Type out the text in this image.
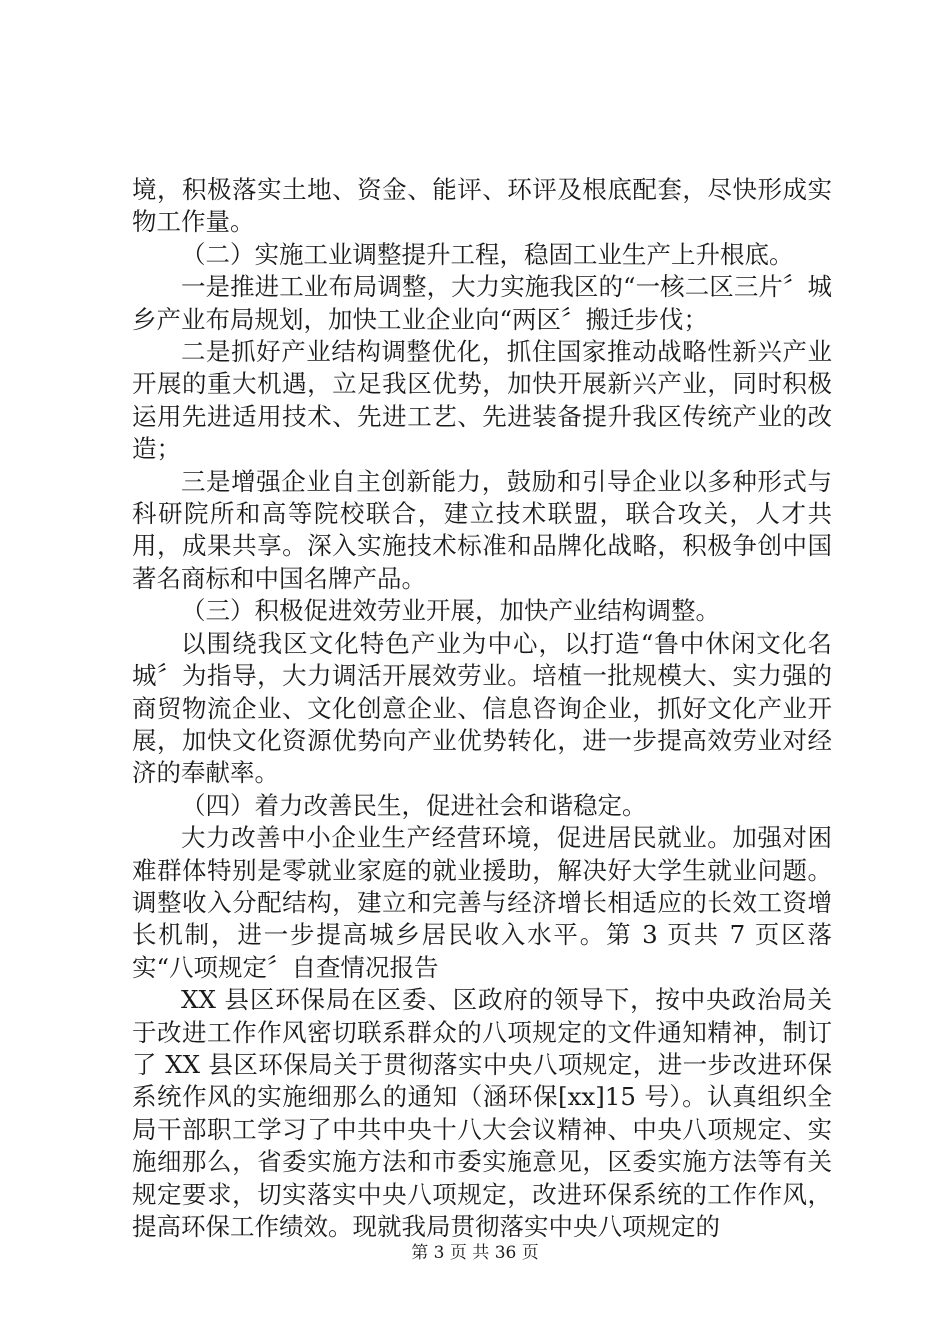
境，积极落实土地、资金、能评、环评及根底配套，尽快形成实物工作量。

（二）实施工业调整提升工程，稳固工业生产上升根底。

一是推进工业布局调整，大力实施我区的“一核二区三片〞城乡产业布局规划，加快工业企业向“两区〞搬迁步伐；

二是抓好产业结构调整优化，抓住国家推动战略性新兴产业开展的重大机遇，立足我区优势，加快开展新兴产业，同时积极运用先进适用技术、先进工艺、先进装备提升我区传统产业的改造；

三是增强企业自主创新能力，鼓励和引导企业以多种形式与科研院所和高等院校联合，建立技术联盟，联合攻关，人才共用，成果共享。深入实施技术标准和品牌化战略，积极争创中国著名商标和中国名牌产品。

（三）积极促进效劳业开展，加快产业结构调整。

以围绕我区文化特色产业为中心，以打造“鲁中休闲文化名城〞为指导，大力调活开展效劳业。培植一批规模大、实力强的商贸物流企业、文化创意企业、信息咨询企业，抓好文化产业开展，加快文化资源优势向产业优势转化，进一步提高效劳业对经济的奉献率。

（四）着力改善民生，促进社会和谐稳定。

大力改善中小企业生产经营环境，促进居民就业。加强对困难群体特别是零就业家庭的就业援助，解决好大学生就业问题。调整收入分配结构，建立和完善与经济增长相适应的长效工资增长机制，进一步提高城乡居民收入水平。第 3 页共 7 页区落实“八项规定〞自查情况报告

XX 县区环保局在区委、区政府的领导下，按中央政治局关于改进工作作风密切联系群众的八项规定的文件通知精神，制订了 XX 县区环保局关于贯彻落实中央八项规定，进一步改进环保系统作风的实施细那么的通知（涵环保[xx]15 号）。认真组织全局干部职工学习了中共中央十八大会议精神、中央八项规定、实施细那么，省委实施方法和市委实施意见，区委实施方法等有关规定要求，切实落实中央八项规定，改进环保系统的工作作风，提高环保工作绩效。现就我局贯彻落实中央八项规定的

第 3 页 共 36 页
